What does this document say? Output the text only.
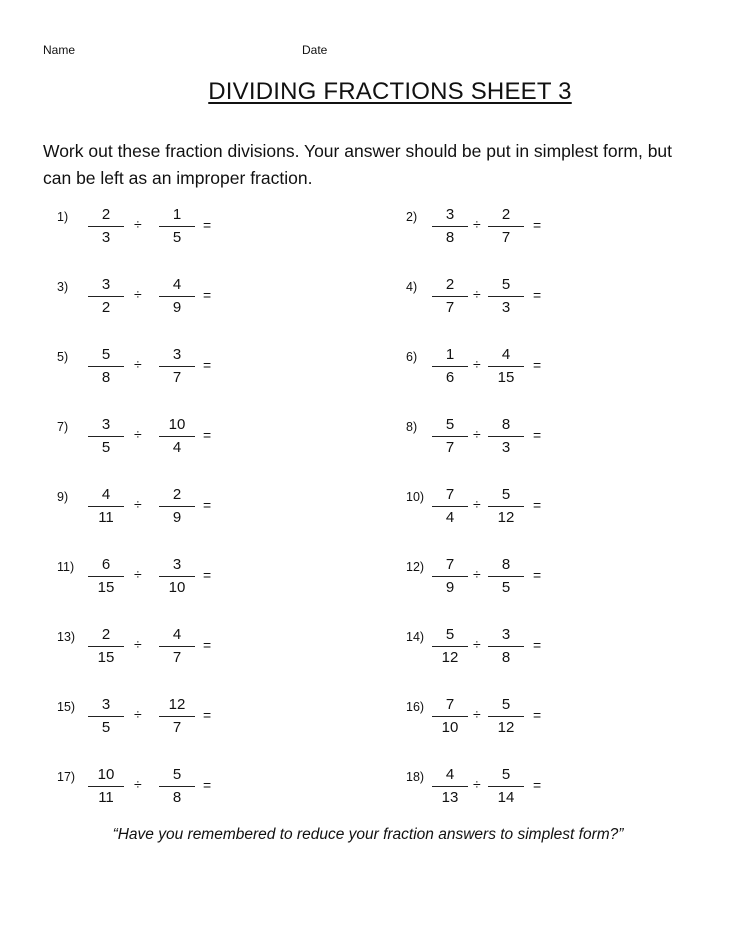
Name	Date
DIVIDING FRACTIONS SHEET 3
Work out these fraction divisions. Your answer should be put in simplest form, but can be left as an improper fraction.
1)	2
3
÷
1
5
=	2)	3
8
÷
2
7
=
3)	3
2
÷
4
9
=	4)	2
7
÷
5
3
=
5)	5
8
÷
3
7
=	6)	1
6
÷
4
15
=
7)	3
5
÷
10
4
=	8)	5
7
÷
8
3
=
9)	4
11
÷
2
9
=	10)	7
4
÷
5
12
=
11)	6
15
÷
3
10
=	12)	7
9
÷
8
5
=
13)	2
15
÷
4
7
=	14)	5
12
÷
3
8
=
15)	3
5
÷
12
7
=	16)	7
10
÷
5
12
=
17)	10
11
÷
5
8
=	18)	4
13
÷
5
14
=
“Have you remembered to reduce your fraction answers to simplest form?”
